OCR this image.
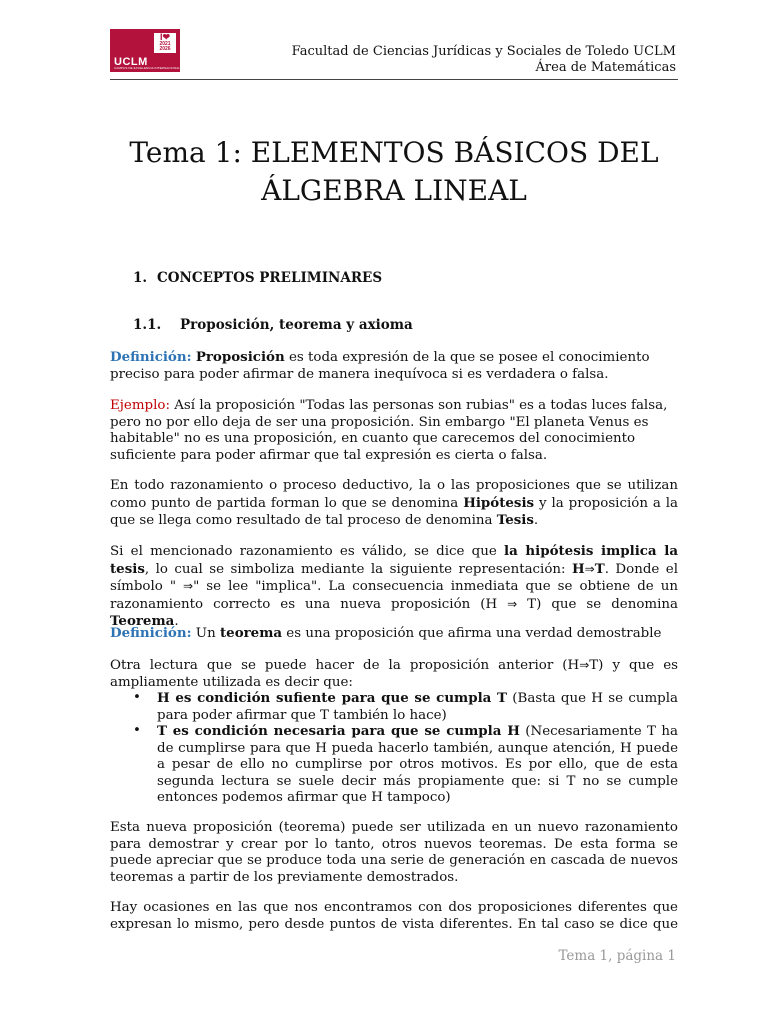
I❤
2021 2026
UCLM
CAMPUS DE EXCELENCIA INTERNACIONAL
Facultad de Ciencias Jurídicas y Sociales de Toledo UCLM
Área de Matemáticas
Tema 1: ELEMENTOS BÁSICOS DEL
ÁLGEBRA LINEAL
1. CONCEPTOS PRELIMINARES
1.1. Proposición, teorema y axioma

Definición: Proposición es toda expresión de la que se posee el conocimiento preciso para poder afirmar de manera inequívoca si es verdadera o falsa.

Ejemplo: Así la proposición "Todas las personas son rubias" es a todas luces falsa, pero no por ello deja de ser una proposición. Sin embargo "El planeta Venus es habitable" no es una proposición, en cuanto que carecemos del conocimiento suficiente para poder afirmar que tal expresión es cierta o falsa.

En todo razonamiento o proceso deductivo, la o las proposiciones que se utilizan como punto de partida forman lo que se denomina Hipótesis y la proposición a la que se llega como resultado de tal proceso de denomina Tesis.

Si el mencionado razonamiento es válido, se dice que la hipótesis implica la tesis, lo cual se simboliza mediante la siguiente representación: H⇒T. Donde el símbolo " ⇒" se lee "implica". La consecuencia inmediata que se obtiene de un razonamiento correcto es una nueva proposición (H ⇒ T) que se denomina Teorema.

Definición: Un teorema es una proposición que afirma una verdad demostrable

Otra lectura que se puede hacer de la proposición anterior (H⇒T) y que es ampliamente utilizada es decir que:

• H es condición sufiente para que se cumpla T (Basta que H se cumpla para poder afirmar que T también lo hace)
• T es condición necesaria para que se cumpla H (Necesariamente T ha de cumplirse para que H pueda hacerlo también, aunque atención, H puede a pesar de ello no cumplirse por otros motivos. Es por ello, que de esta segunda lectura se suele decir más propiamente que: si T no se cumple entonces podemos afirmar que H tampoco)

Esta nueva proposición (teorema) puede ser utilizada en un nuevo razonamiento para demostrar y crear por lo tanto, otros nuevos teoremas. De esta forma se puede apreciar que se produce toda una serie de generación en cascada de nuevos teoremas a partir de los previamente demostrados.

Hay ocasiones en las que nos encontramos con dos proposiciones diferentes que expresan lo mismo, pero desde puntos de vista diferentes. En tal caso se dice que

Tema 1, página 1
